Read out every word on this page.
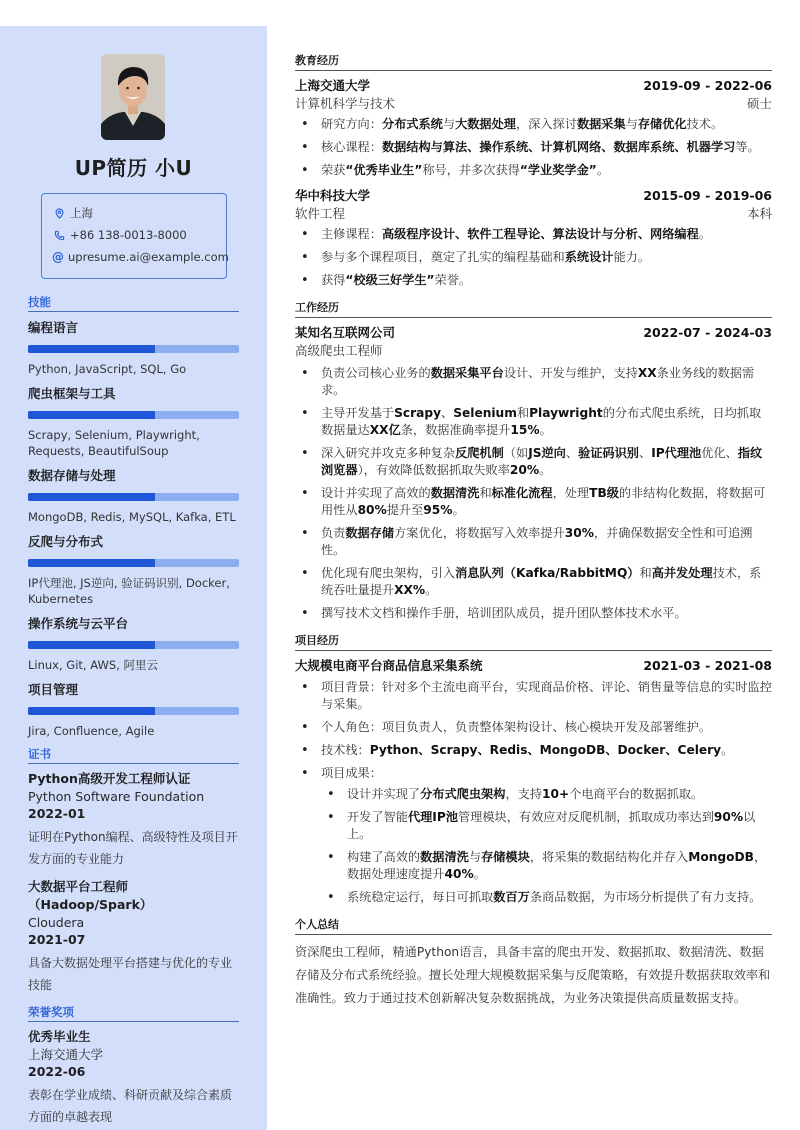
UP简历 小U
上海
+86 138-0013-8000
@ upresume.ai@example.com
技能
编程语言
Python, JavaScript, SQL, Go
爬虫框架与工具
Scrapy, Selenium, Playwright, Requests, BeautifulSoup
数据存储与处理
MongoDB, Redis, MySQL, Kafka, ETL
反爬与分布式
IP代理池, JS逆向, 验证码识别, Docker, Kubernetes
操作系统与云平台
Linux, Git, AWS, 阿里云
项目管理
Jira, Confluence, Agile
证书
Python高级开发工程师认证
Python Software Foundation
2022-01
证明在Python编程、高级特性及项目开发方面的专业能力
大数据平台工程师（Hadoop/Spark）
Cloudera
2021-07
具备大数据处理平台搭建与优化的专业技能
荣誉奖项
优秀毕业生
上海交通大学
2022-06
表彰在学业成绩、科研贡献及综合素质方面的卓越表现
教育经历
上海交通大学	2019-09 - 2022-06
计算机科学与技术	硕士
• 研究方向：分布式系统与大数据处理，深入探讨数据采集与存储优化技术。
• 核心课程：数据结构与算法、操作系统、计算机网络、数据库系统、机器学习等。
• 荣获“优秀毕业生”称号，并多次获得“学业奖学金”。
华中科技大学	2015-09 - 2019-06
软件工程	本科
• 主修课程：高级程序设计、软件工程导论、算法设计与分析、网络编程。
• 参与多个课程项目，奠定了扎实的编程基础和系统设计能力。
• 获得“校级三好学生”荣誉。
工作经历
某知名互联网公司	2022-07 - 2024-03
高级爬虫工程师
• 负责公司核心业务的数据采集平台设计、开发与维护，支持XX条业务线的数据需求。
• 主导开发基于Scrapy、Selenium和Playwright的分布式爬虫系统，日均抓取数据量达XX亿条，数据准确率提升15%。
• 深入研究并攻克多种复杂反爬机制（如JS逆向、验证码识别、IP代理池优化、指纹浏览器），有效降低数据抓取失败率20%。
• 设计并实现了高效的数据清洗和标准化流程，处理TB级的非结构化数据，将数据可用性从80%提升至95%。
• 负责数据存储方案优化，将数据写入效率提升30%，并确保数据安全性和可追溯性。
• 优化现有爬虫架构，引入消息队列（Kafka/RabbitMQ）和高并发处理技术，系统吞吐量提升XX%。
• 撰写技术文档和操作手册，培训团队成员，提升团队整体技术水平。
项目经历
大规模电商平台商品信息采集系统	2021-03 - 2021-08
• 项目背景：针对多个主流电商平台，实现商品价格、评论、销售量等信息的实时监控与采集。
• 个人角色：项目负责人，负责整体架构设计、核心模块开发及部署维护。
• 技术栈：Python、Scrapy、Redis、MongoDB、Docker、Celery。
• 项目成果：
• 设计并实现了分布式爬虫架构，支持10+个电商平台的数据抓取。
• 开发了智能代理IP池管理模块，有效应对反爬机制，抓取成功率达到90%以上。
• 构建了高效的数据清洗与存储模块，将采集的数据结构化并存入MongoDB，数据处理速度提升40%。
• 系统稳定运行，每日可抓取数百万条商品数据，为市场分析提供了有力支持。
个人总结

资深爬虫工程师，精通Python语言，具备丰富的爬虫开发、数据抓取、数据清洗、数据存储及分布式系统经验。擅长处理大规模数据采集与反爬策略，有效提升数据获取效率和准确性。致力于通过技术创新解决复杂数据挑战，为业务决策提供高质量数据支持。
